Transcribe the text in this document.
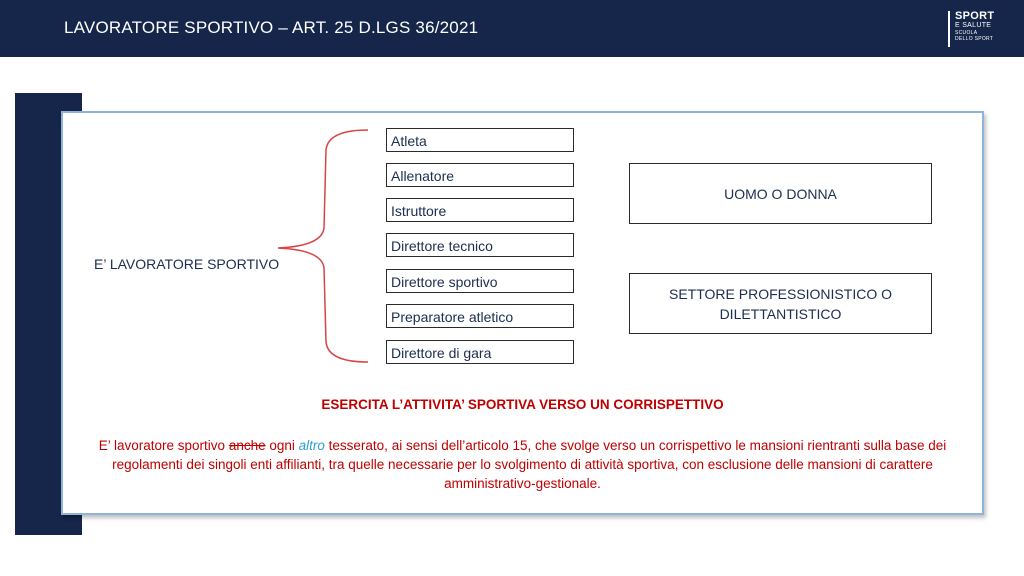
LAVORATORE SPORTIVO – ART. 25 D.LGS 36/2021
SPORT
E SALUTE
SCUOLA
DELLO SPORT
E’ LAVORATORE SPORTIVO
Atleta
Allenatore
Istruttore
Direttore tecnico
Direttore sportivo
Preparatore atletico
Direttore di gara
UOMO O DONNA
SETTORE PROFESSIONISTICO O
DILETTANTISTICO
ESERCITA L’ATTIVITA’ SPORTIVA VERSO UN CORRISPETTIVO
E’ lavoratore sportivo anche ogni altro tesserato, ai sensi dell’articolo 15, che svolge verso un corrispettivo le mansioni rientranti sulla base dei regolamenti dei singoli enti affilianti, tra quelle necessarie per lo svolgimento di attività sportiva, con esclusione delle mansioni di carattere amministrativo-gestionale.
